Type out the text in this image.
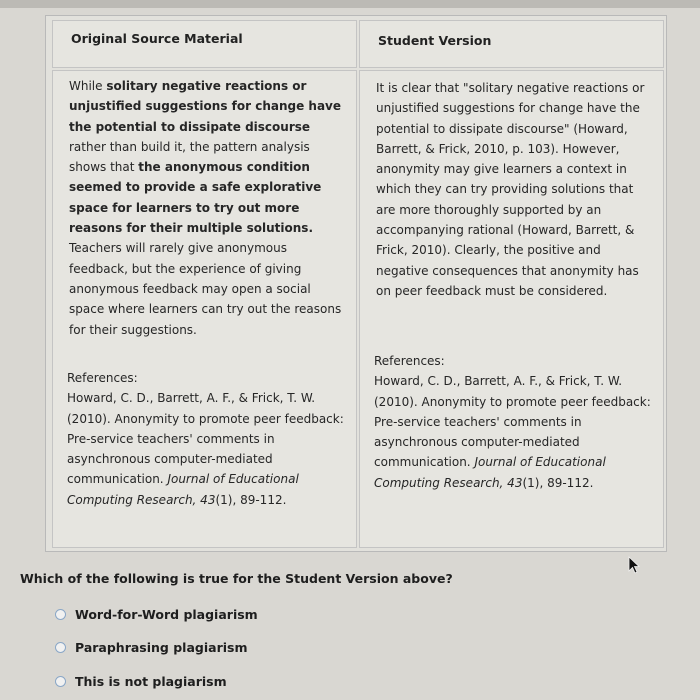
Original Source Material	Student Version
While solitary negative reactions or unjustified suggestions for change have the potential to dissipate discourse rather than build it, the pattern analysis shows that the anonymous condition seemed to provide a safe explorative space for learners to try out more reasons for their multiple solutions. Teachers will rarely give anonymous feedback, but the experience of giving anonymous feedback may open a social space where learners can try out the reasons for their suggestions.
References:
Howard, C. D., Barrett, A. F., & Frick, T. W. (2010). Anonymity to promote peer feedback: Pre-service teachers' comments in asynchronous computer-mediated communication. Journal of Educational Computing Research, 43(1), 89-112.
It is clear that "solitary negative reactions or unjustified suggestions for change have the potential to dissipate discourse" (Howard, Barrett, & Frick, 2010, p. 103). However, anonymity may give learners a context in which they can try providing solutions that are more thoroughly supported by an accompanying rational (Howard, Barrett, & Frick, 2010). Clearly, the positive and negative consequences that anonymity has on peer feedback must be considered.
References:
Howard, C. D., Barrett, A. F., & Frick, T. W. (2010). Anonymity to promote peer feedback: Pre-service teachers' comments in asynchronous computer-mediated communication. Journal of Educational Computing Research, 43(1), 89-112.
Which of the following is true for the Student Version above?
Word-for-Word plagiarism
Paraphrasing plagiarism
This is not plagiarism
